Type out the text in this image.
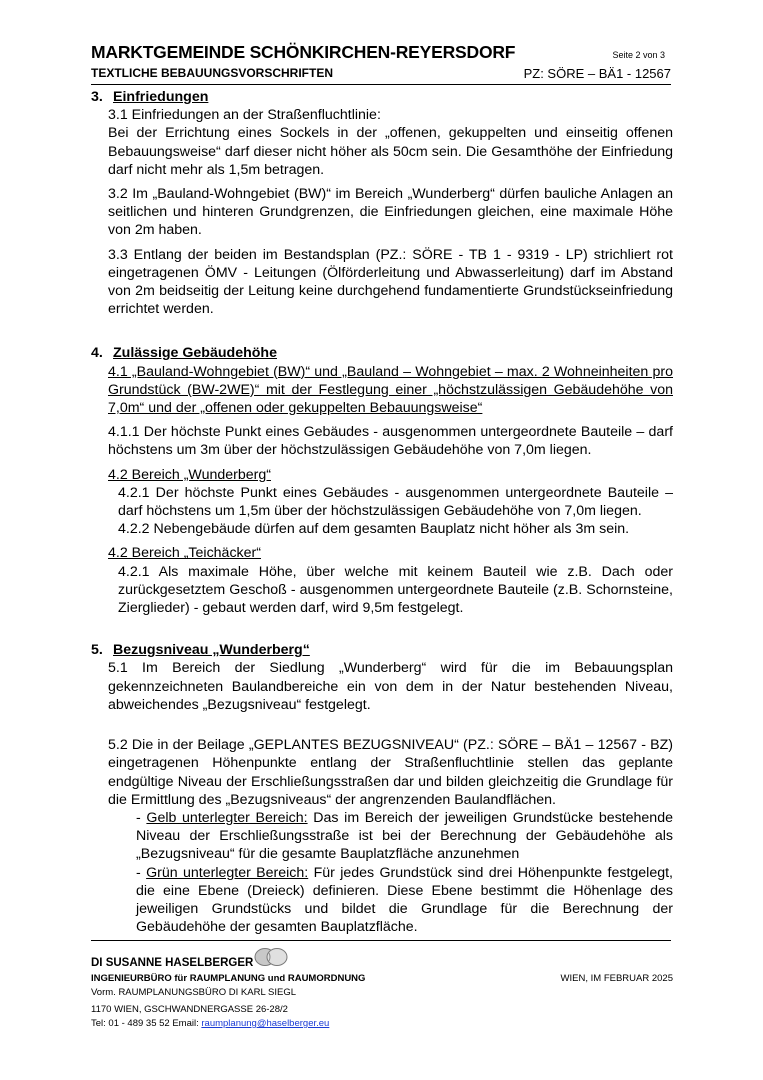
MARKTGEMEINDE SCHÖNKIRCHEN-REYERSDORF	Seite 2 von 3
TEXTLICHE BEBAUUNGSVORSCHRIFTEN	PZ: SÖRE – BÄ1 - 12567
3. Einfriedungen

3.1 Einfriedungen an der Straßenfluchtlinie:

Bei der Errichtung eines Sockels in der „offenen, gekuppelten und einseitig offenen Bebauungsweise“ darf dieser nicht höher als 50cm sein. Die Gesamthöhe der Einfriedung darf nicht mehr als 1,5m betragen.

3.2 Im „Bauland-Wohngebiet (BW)“ im Bereich „Wunderberg“ dürfen bauliche Anlagen an seitlichen und hinteren Grundgrenzen, die Einfriedungen gleichen, eine maximale Höhe von 2m haben.

3.3 Entlang der beiden im Bestandsplan (PZ.: SÖRE - TB 1 - 9319 - LP) strichliert rot eingetragenen ÖMV - Leitungen (Ölförderleitung und Abwasserleitung) darf im Abstand von 2m beidseitig der Leitung keine durchgehend fundamentierte Grundstückseinfriedung errichtet werden.

4. Zulässige Gebäudehöhe

4.1 „Bauland-Wohngebiet (BW)“ und „Bauland – Wohngebiet – max. 2 Wohneinheiten pro Grundstück (BW-2WE)“ mit der Festlegung einer „höchstzulässigen Gebäudehöhe von 7,0m“ und der „offenen oder gekuppelten Bebauungsweise“

4.1.1 Der höchste Punkt eines Gebäudes - ausgenommen untergeordnete Bauteile – darf höchstens um 3m über der höchstzulässigen Gebäudehöhe von 7,0m liegen.

4.2 Bereich „Wunderberg“

4.2.1 Der höchste Punkt eines Gebäudes - ausgenommen untergeordnete Bauteile – darf höchstens um 1,5m über der höchstzulässigen Gebäudehöhe von 7,0m liegen.

4.2.2 Nebengebäude dürfen auf dem gesamten Bauplatz nicht höher als 3m sein.

4.2 Bereich „Teichäcker“

4.2.1 Als maximale Höhe, über welche mit keinem Bauteil wie z.B. Dach oder zurückgesetztem Geschoß - ausgenommen untergeordnete Bauteile (z.B. Schornsteine, Zierglieder) - gebaut werden darf, wird 9,5m festgelegt.

5. Bezugsniveau „Wunderberg“

5.1 Im Bereich der Siedlung „Wunderberg“ wird für die im Bebauungsplan gekennzeichneten Baulandbereiche ein von dem in der Natur bestehenden Niveau, abweichendes „Bezugsniveau“ festgelegt.

5.2 Die in der Beilage „GEPLANTES BEZUGSNIVEAU“ (PZ.: SÖRE – BÄ1 – 12567 - BZ) eingetragenen Höhenpunkte entlang der Straßenfluchtlinie stellen das geplante endgültige Niveau der Erschließungsstraßen dar und bilden gleichzeitig die Grundlage für die Ermittlung des „Bezugsniveaus“ der angrenzenden Baulandflächen.

- Gelb unterlegter Bereich: Das im Bereich der jeweiligen Grundstücke bestehende Niveau der Erschließungsstraße ist bei der Berechnung der Gebäudehöhe als „Bezugsniveau“ für die gesamte Bauplatzfläche anzunehmen

- Grün unterlegter Bereich: Für jedes Grundstück sind drei Höhenpunkte festgelegt, die eine Ebene (Dreieck) definieren. Diese Ebene bestimmt die Höhenlage des jeweiligen Grundstücks und bildet die Grundlage für die Berechnung der Gebäudehöhe der gesamten Bauplatzfläche.

DI SUSANNE HASELBERGER
INGENIEURBÜRO für RAUMPLANUNG und RAUMORDNUNG	WIEN, IM FEBRUAR 2025
Vorm. RAUMPLANUNGSBÜRO DI KARL SIEGL
1170 WIEN, GSCHWANDNERGASSE 26-28/2
Tel: 01 - 489 35 52 Email: raumplanung@haselberger.eu
